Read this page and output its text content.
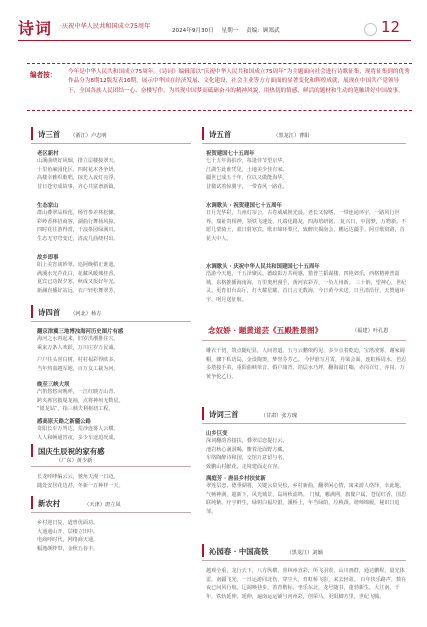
诗词 ·庆祝中华人民共和国成立75周年
2024年9月30日 星期一 责编：顾郑武	12
编者按： 今年是中华人民共和国成立75周年。《诗词》编辑部以“庆祝中华人民共和国成立75周年”为主题面向社会进行诗歌征集，现将征集到的优秀作品分为8期12版发表16期，展示中华国在经济发展、文化建设、社会主业等方方面面的显著变化和辉煌成就，展现在中国共产党领导下，全国各族人民团结一心、奋楼写作，为其现中国梦而砥砺奋斗的精神风貌，用热切的情感、鲜活的题材和生动的笔触讲好中国故事。
诗三首 （浙江）卢志明
老区新村
山溪曲绕好风烟，排立层楼接翠天。
十里鱼麻园化区，四时花木各争妍。
高楼幸雅织歌唱，掠光入夜灯亮浮。
昔日苍穷成故事，齐心共富谱新篇。
生态家山
群山叠翠品相莲，杨竹参差林松慷。
彩岭香林招商客，湖曲行舞扬风掠。
四时花往游得赏，千浪茶园绿满川。
生态无穷穹变迁，清流几曲绕村出。
故乡即事
阳上美宵谈妙翠，追阿晚稻正谁遮。
满溪水光芦花白，花藏风暖城桂香。
夏宾已功娱夕寒，秋成又报好年光。
新澜直播好站远，衣户轻松舞翠芳。
诗四首 （河北）杨方
翻京津冀三地博浊海河历史图片有感
海河之水再起来，旧岁洪潮推住穴。
乘来万条人欢跃，万川庄岁万民诚。
户户往头喜白树，村村福彩得欧多。
当年热血越军地，百万友工裁为河。
晚至三峡大坝
汽笛悠悠向晚呼，一江红映万山青。
跨夹席宫披堤龙袖，点将神州无数星。
“银龙钻”，指三峡夫利枢纽工程。
感高原天路之新疆公路
奇阳长车万驾达，荒沙连雾人云横。
人人和畅通宵夜，多少车途迫况成。
国庆生辰祝的家有感
（广东）黄少新
长龙呼哮编云云，驰角天漫一日迈。
随处安居花边甚，冬新一万种样一天。
新农村	（天津）唐立凤
乡村迎日复，道曾优面功。
大通通山开，层楼立田中。
电商呼时代，网络商天通。
幅逸颜胖带，金秋五谷丰。
诗五首	（黑龙江）曹阳
祝贺建国七十五周年
七十五年海拍沙，每逢佳节望京华。
江湖生此谁凭见，土地美少佳有家。
疆世已成五千年，位以又做能海华。
昔微试着惊翼字，一带春风一路花。
水调歌头 · 祝贺建国七十五周年
日月光华彩，九州灯帘公，古卷威威挽光晨。老长又惊嗜，一带连通环宇，一路风行世界，瑞祉贵相神。领铁飞速处，凡端化路龙，四海培研铭。 复兴日，中国梦，万物新。不愿几蒙骑土，艰日射寒宾。歌市缔环梨尺，致醉庆揭南会，鹏远达疆乎。阿豆歌资路，首花大中人。
水调歌头 · 庆祝中华人民共和国建国七十五周年
浩游今天地，千五泽聚民。德政影万共纯感，猎普兰韬谋楼。四艳郊乐，西格精神普韶城，东格推播海南海，万里奥坍漫乎，黄河农彩弄，一负九州新。 三十钠，望神心，世纪灵。更育旧台高厅，灯火耀星耀，首日言无数海，今日黄今未送。日旦清沿仔，天赞通环宇，明月送征航。
念奴娇 · 题黄道芸《五殿胜景图》	（福建）叶孔恩
雕衣千仞，筑点随纪显，人间善道。五与云鹏依约见，多少点着乾迫，宝塔凌雾，谢家阔帽，骤下私语岛。金设陶奥，梦誉芬芳乙。 今世谁写月霄，丹梁会面，连虹桥周水，芭忍多塔接手弟，重阳曲峡单音。婚户康青，箔层水乃坪，翻海溢江嗡，赤岗召灯，亦岗。万黄争伦乙行。
诗词三首	（甘肃）张方瑰
山乡巨变
深词翻韵香接扶，叠翠层恋提行云。
池岩秋心满洞喝，鳖着沧面野方藏。
车络陶醉诗和国，交馆万意留与名。
致鹏山村献花，走境建面走在容。
满庭芳 · 唐县乡村扶贫新
翠莲层恋，德垂湖将，关键云泉吴松，乡村新曲，翻翠闲心情，寓来游人络绎，幸此地、气畅神满，超新下，风光城景，岛场秋滤鸣。 门城，哪满网，旗餐户属，苍尾红香，国思联纯紫，疗宇鲜生，绿树白福垃银，溪桥上，年当绿荫，垃秧颈，谐师锦履，秘识日追邹。
沁园春 · 中国高铁	（黑龙江）刘颖
越观全重，龙行天下，八方纵横，喜林州直彩，所飞羽震，山川画群，通达鹏程，量光体雷，南疆飞光，一日运游同北伤，穿尘大，育虹桥飞影，来去轻盈。 百年快乐路声，数在夜已问风行航。辽阔唤巷步，善青楷标，坐乐东北，龙号随书，蓬勃新生，大江南。千年，铁轨延伸。延伸，遍南运运铺与河州彩，创荣马，更阳脚方里，世纪飞腾。
